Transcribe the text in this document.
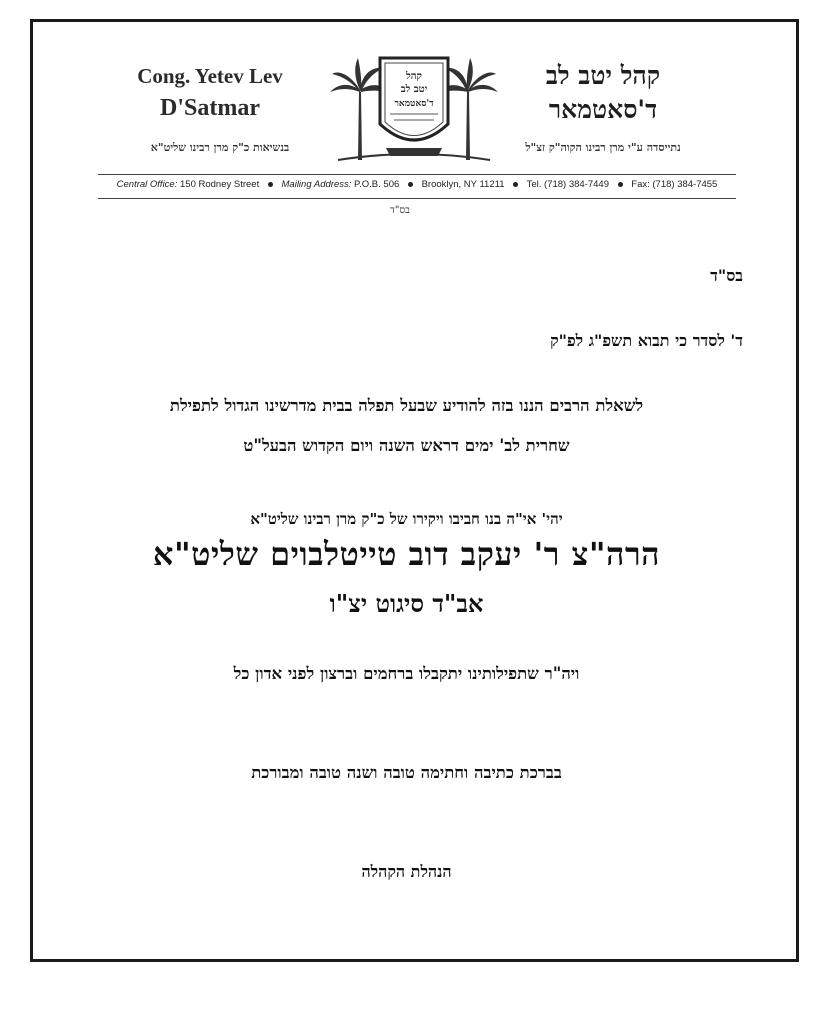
Cong. Yetev Lev
D'Satmar
בנשיאות כ"ק מרן רבינו שליט"א
קהל
יטב לב
ד'סאטמאר
קהל יטב לב
ד'סאטמאר
נתייסדה ע"י מרן רבינו הקוה"ק זצ"ל
Central Office: 150 Rodney Street Mailing Address: P.O.B. 506 Brooklyn, NY 11211 Tel. (718) 384-7449 Fax: (718) 384-7455
בס"ד
בס"ד
ד' לסדר כי תבוא תשפ"ג לפ"ק
לשאלת הרבים הננו בזה להודיע שבעל תפלה בבית מדרשינו הגדול לתפילת
שחרית לב' ימים דראש השנה ויום הקדוש הבעל"ט
יהי' אי"ה בנו חביבו ויקירו של כ"ק מרן רבינו שליט"א
הרה"צ ר' יעקב דוב טייטלבוים שליט"א
אב"ד סיגוט יצ"ו
ויה"ר שתפילותינו יתקבלו ברחמים וברצון לפני אדון כל
בברכת כתיבה וחתימה טובה ושנה טובה ומבורכת
הנהלת הקהלה
